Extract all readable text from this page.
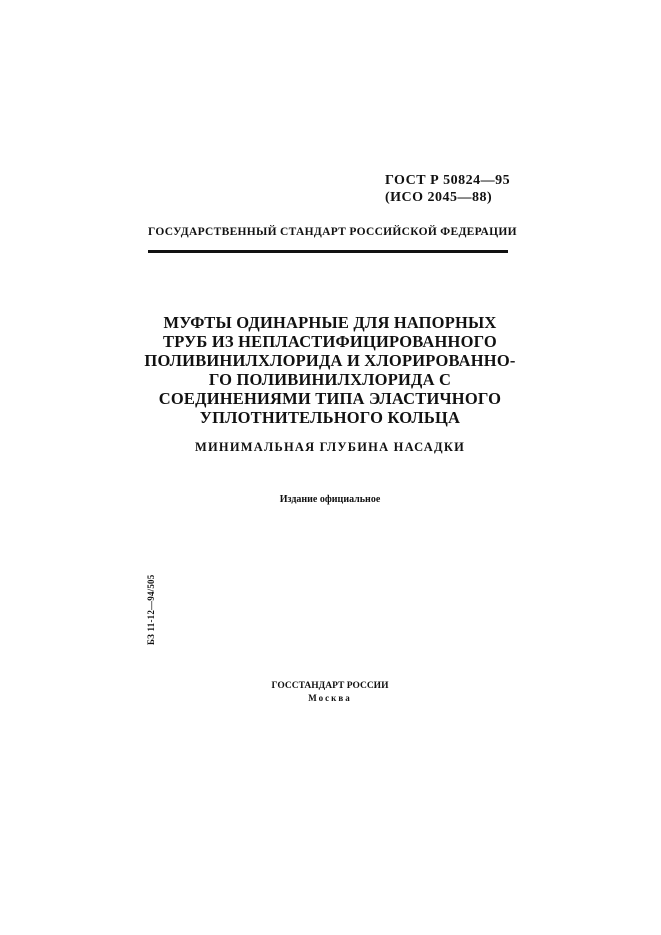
ГОСТ Р 50824—95
(ИСО 2045—88)
ГОСУДАРСТВЕННЫЙ СТАНДАРТ РОССИЙСКОЙ ФЕДЕРАЦИИ
МУФТЫ ОДИНАРНЫЕ ДЛЯ НАПОРНЫХ
ТРУБ ИЗ НЕПЛАСТИФИЦИРОВАННОГО
ПОЛИВИНИЛХЛОРИДА И ХЛОРИРОВАННО-
ГО ПОЛИВИНИЛХЛОРИДА С
СОЕДИНЕНИЯМИ ТИПА ЭЛАСТИЧНОГО
УПЛОТНИТЕЛЬНОГО КОЛЬЦА
МИНИМАЛЬНАЯ ГЛУБИНА НАСАДКИ
Издание официальное
БЗ 11-12—94/505
ГОССТАНДАРТ РОССИИ
Москва
